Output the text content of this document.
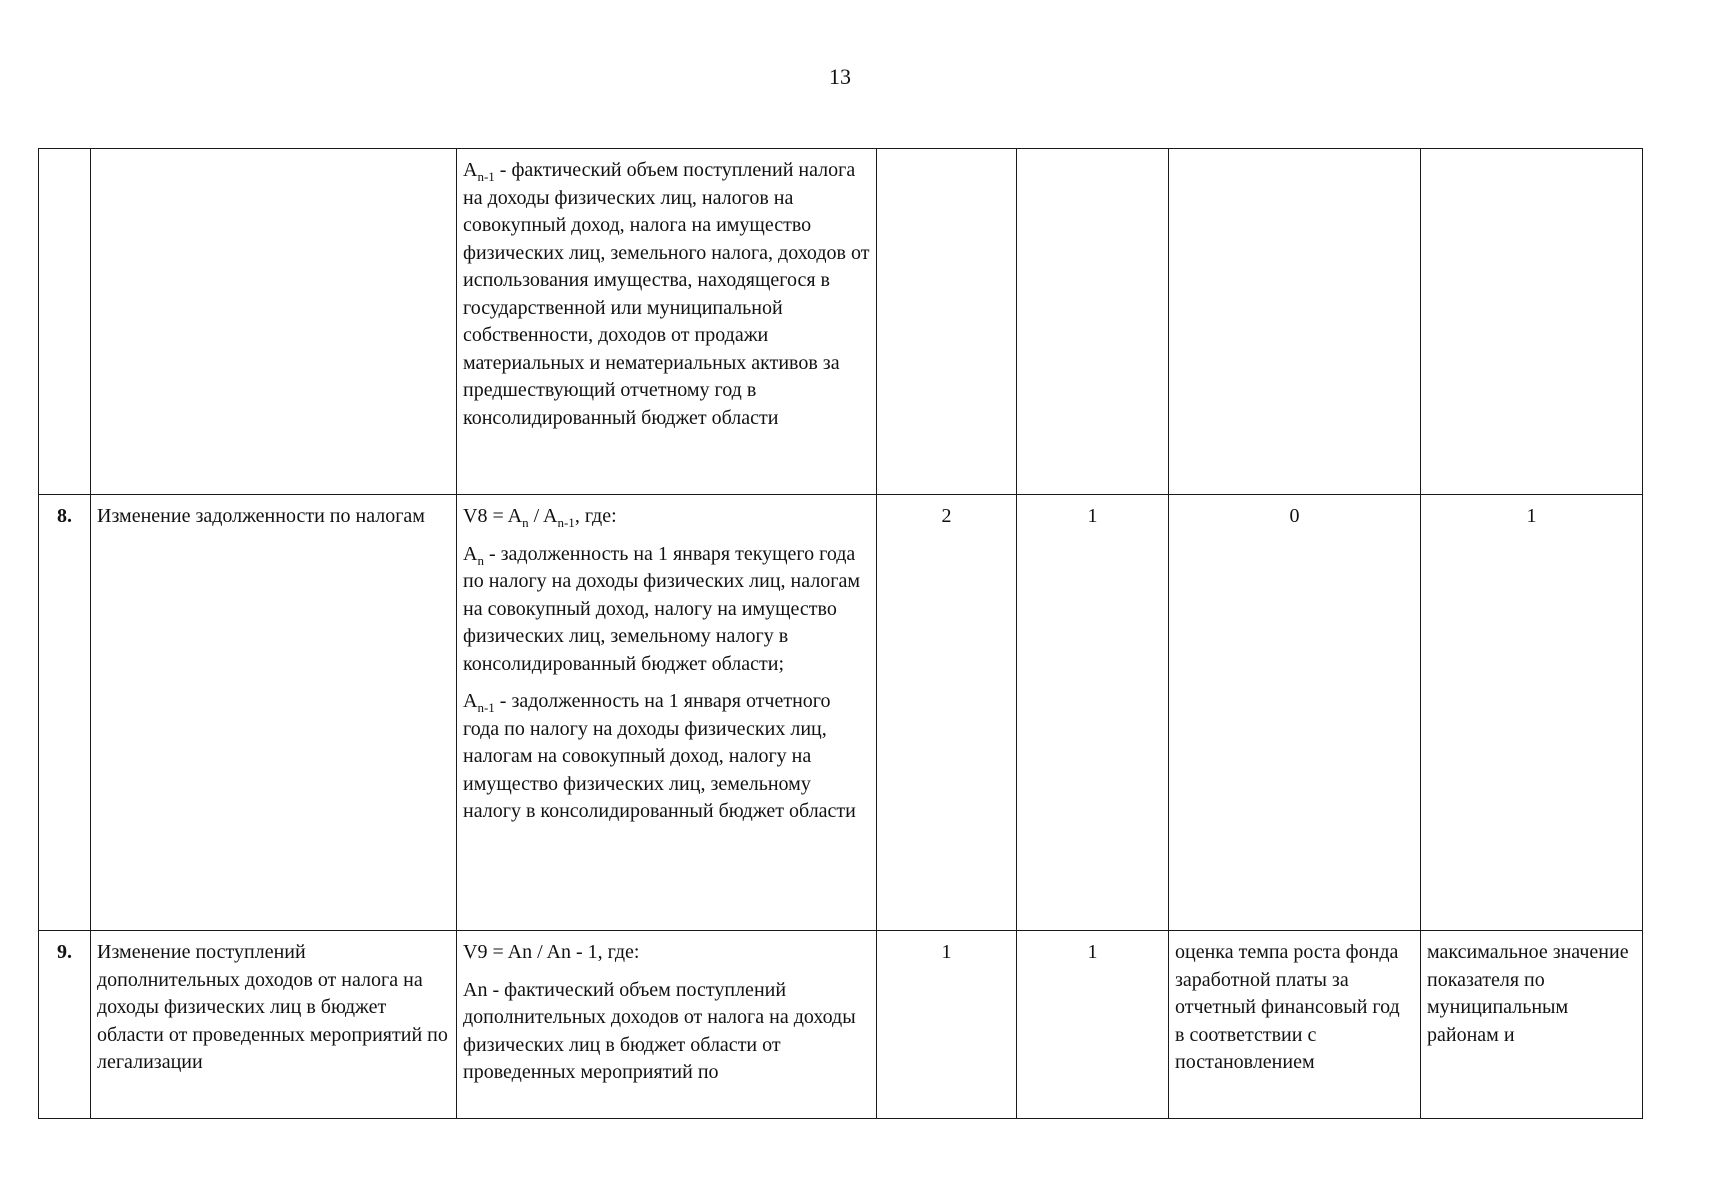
13

		$A_{n-1}$ - фактический объем поступлений налога на доходы физических лиц, налогов на совокупный доход, налога на имущество физических лиц, земельного налога, доходов от использования имущества, находящегося в государственной или муниципальной собственности, доходов от продажи материальных и нематериальных активов за предшествующий отчетному год в консолидированный бюджет области				

8.	Изменение задолженности по налогам	$V8 = A_n / A_{n-1}$, где:

$A_n$ - задолженность на 1 января текущего года по налогу на доходы физических лиц, налогам на совокупный доход, налогу на имущество физических лиц, земельному налогу в консолидированный бюджет области;

$A_{n-1}$ - задолженность на 1 января отчетного года по налогу на доходы физических лиц, налогам на совокупный доход, налогу на имущество физических лиц, земельному налогу в консолидированный бюджет области	2	1	0	1
9.	Изменение поступлений дополнительных доходов от налога на доходы физических лиц в бюджет области от проведенных мероприятий по легализации	V9 = An / An - 1, где:

An - фактический объем поступлений дополнительных доходов от налога на доходы физических лиц в бюджет области от проведенных мероприятий по	1	1	оценка темпа роста фонда заработной платы за отчетный финансовый год в соответствии с постановлением	максимальное значение показателя по муниципальным районам и
